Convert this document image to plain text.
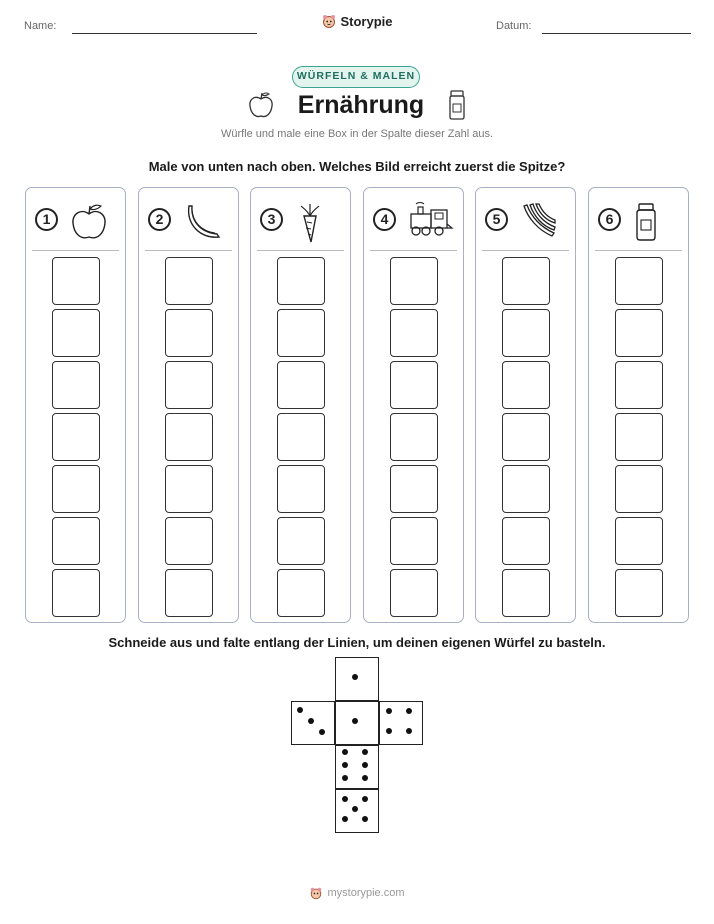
Name:	Datum:
Storypie
WÜRFELN & MALEN
Ernährung
Würfle und male eine Box in der Spalte dieser Zahl aus.
Male von unten nach oben. Welches Bild erreicht zuerst die Spitze?
1	2	3	4	5	6
Schneide aus und falte entlang der Linien, um deinen eigenen Würfel zu basteln.
mystorypie.com
